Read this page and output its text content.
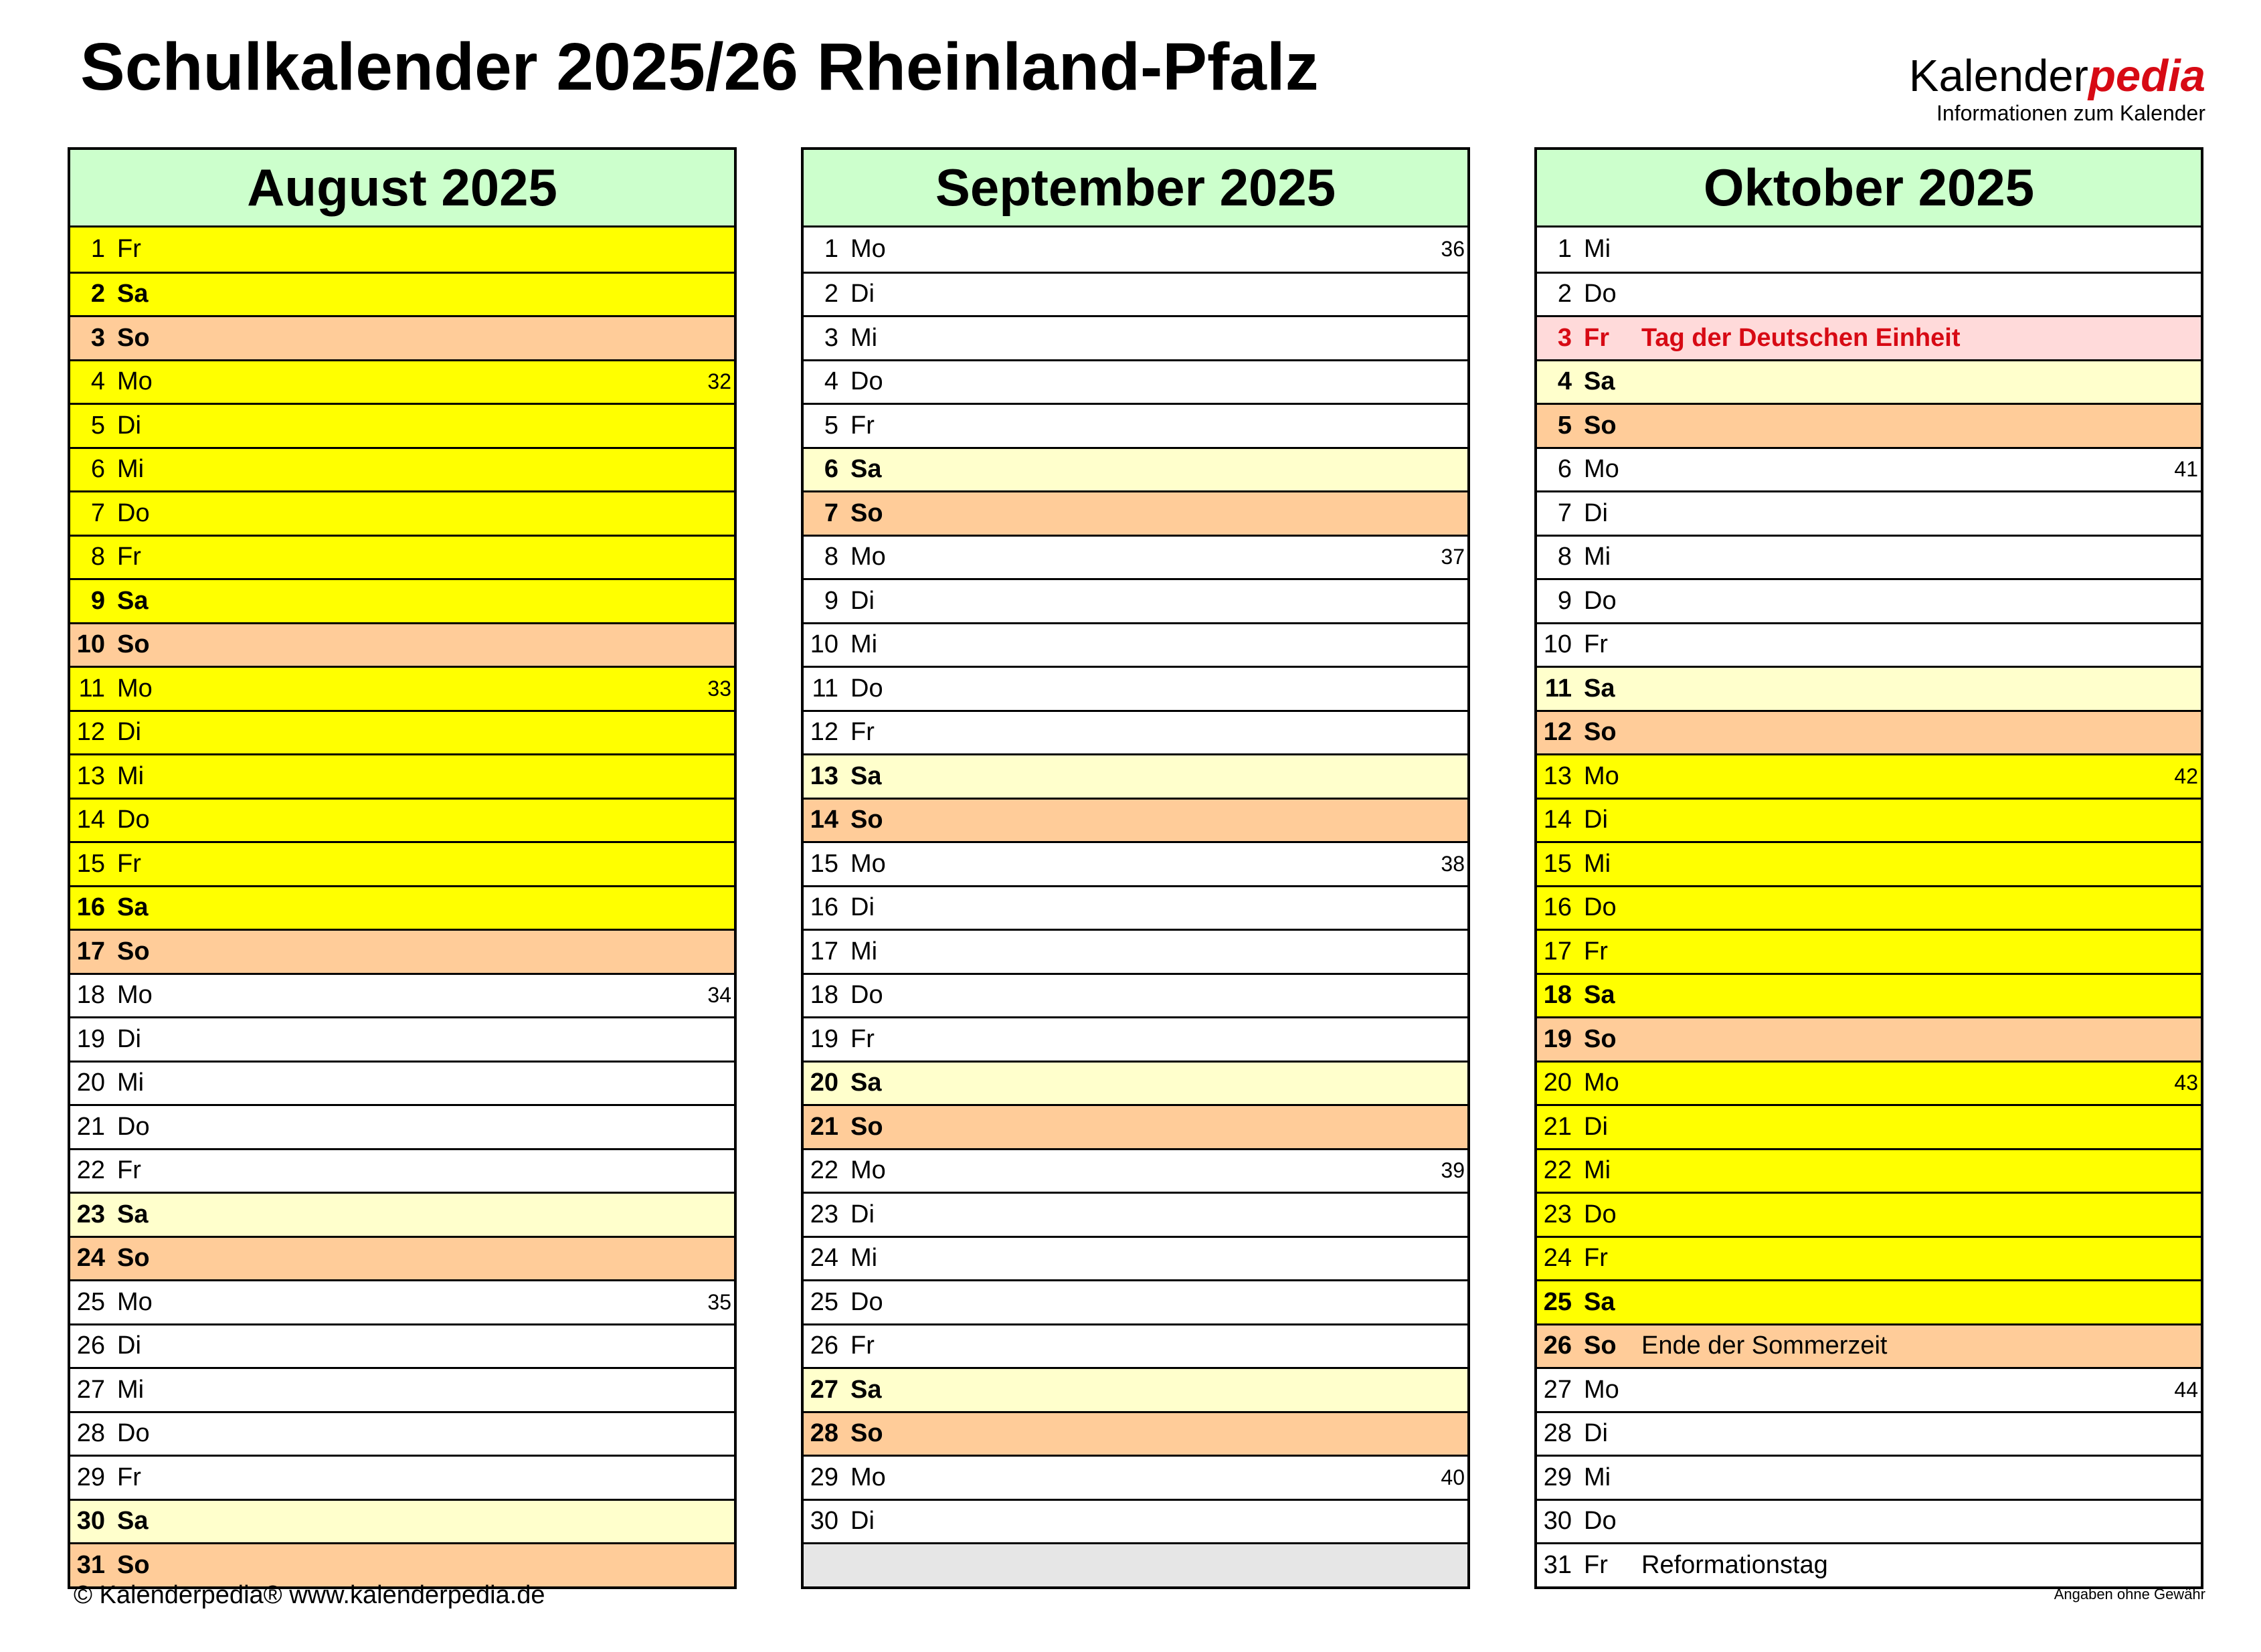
Schulkalender 2025/26 Rheinland-Pfalz	Kalenderpedia
Informationen zum Kalender
August 2025
1 Fr
2 Sa
3 So
4 Mo	32
5 Di
6 Mi
7 Do
8 Fr
9 Sa
10 So
11 Mo	33
12 Di
13 Mi
14 Do
15 Fr
16 Sa
17 So
18 Mo	34
19 Di
20 Mi
21 Do
22 Fr
23 Sa
24 So
25 Mo	35
26 Di
27 Mi
28 Do
29 Fr
30 Sa
31 So
September 2025
1 Mo	36
2 Di
3 Mi
4 Do
5 Fr
6 Sa
7 So
8 Mo	37
9 Di
10 Mi
11 Do
12 Fr
13 Sa
14 So
15 Mo	38
16 Di
17 Mi
18 Do
19 Fr
20 Sa
21 So
22 Mo	39
23 Di
24 Mi
25 Do
26 Fr
27 Sa
28 So
29 Mo	40
30 Di
Oktober 2025
1 Mi
2 Do
3 Fr	Tag der Deutschen Einheit
4 Sa
5 So
6 Mo	41
7 Di
8 Mi
9 Do
10 Fr
11 Sa
12 So
13 Mo	42
14 Di
15 Mi
16 Do
17 Fr
18 Sa
19 So
20 Mo	43
21 Di
22 Mi
23 Do
24 Fr
25 Sa
26 So Ende der Sommerzeit
27 Mo	44
28 Di
29 Mi
30 Do
31 Fr	Reformationstag
© Kalenderpedia® www.kalenderpedia.de	Angaben ohne Gewähr
